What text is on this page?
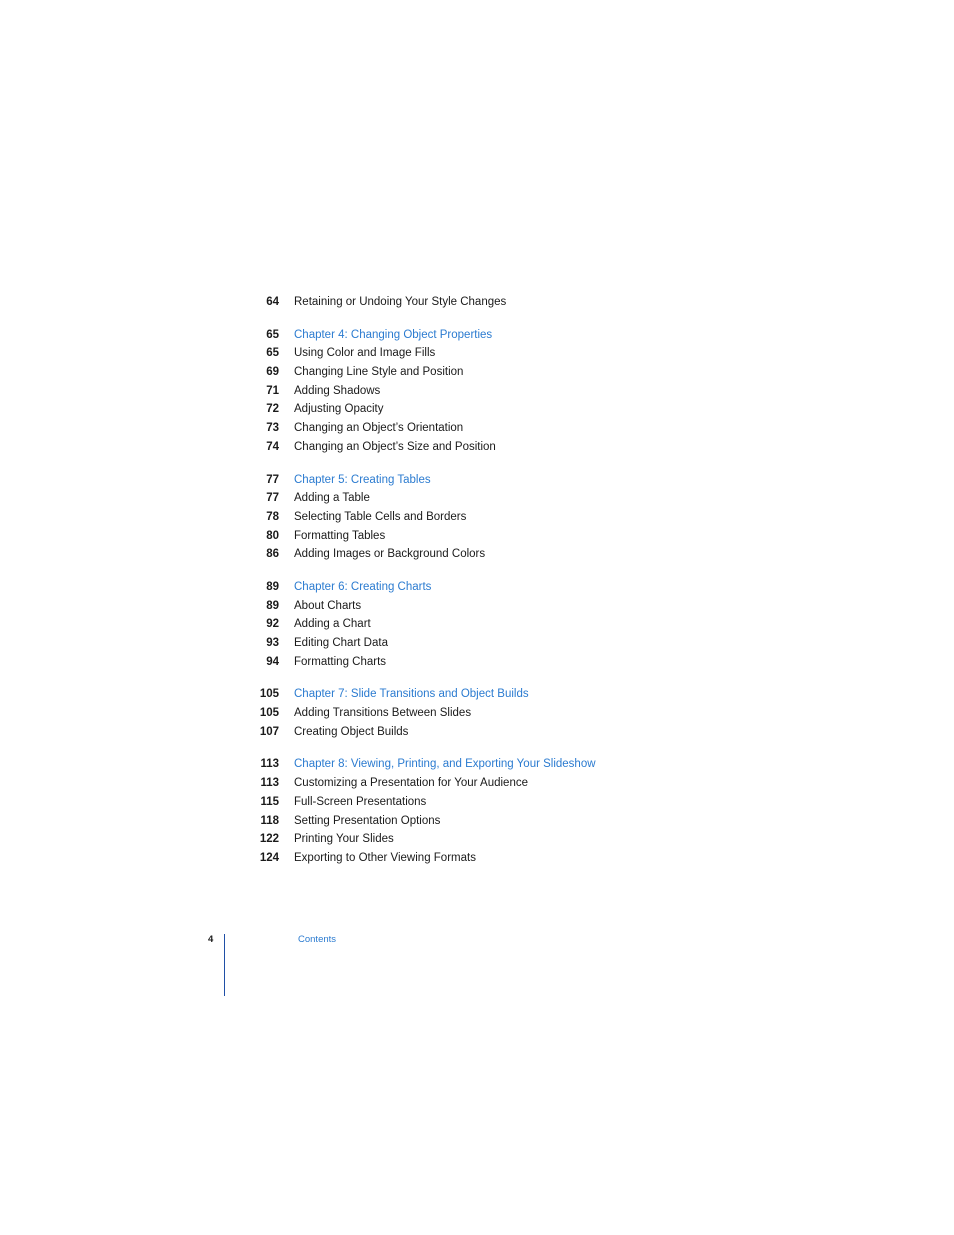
64 Retaining or Undoing Your Style Changes
65 Chapter 4: Changing Object Properties
65 Using Color and Image Fills
69 Changing Line Style and Position
71 Adding Shadows
72 Adjusting Opacity
73 Changing an Object’s Orientation
74 Changing an Object’s Size and Position
77 Chapter 5: Creating Tables
77 Adding a Table
78 Selecting Table Cells and Borders
80 Formatting Tables
86 Adding Images or Background Colors
89 Chapter 6: Creating Charts
89 About Charts
92 Adding a Chart
93 Editing Chart Data
94 Formatting Charts
105 Chapter 7: Slide Transitions and Object Builds
105 Adding Transitions Between Slides
107 Creating Object Builds
113 Chapter 8: Viewing, Printing, and Exporting Your Slideshow
113 Customizing a Presentation for Your Audience
115 Full-Screen Presentations
118 Setting Presentation Options
122 Printing Your Slides
124 Exporting to Other Viewing Formats
4	Contents
